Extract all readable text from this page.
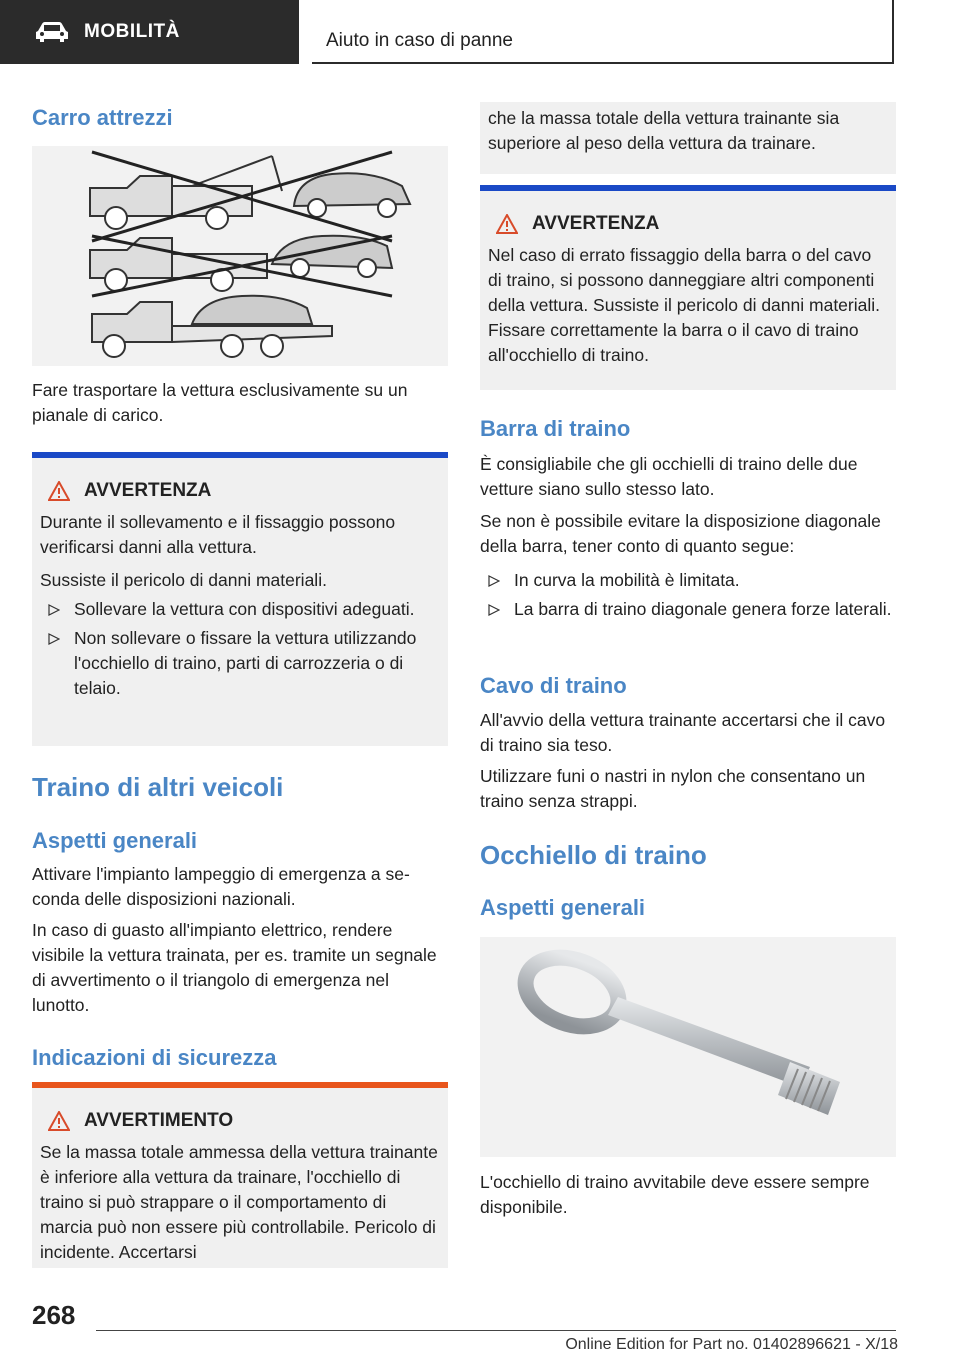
MOBILITÀ	Aiuto in caso di panne
Carro attrezzi

Fare trasportare la vettura esclusivamente su un pianale di carico.

AVVERTENZA

Durante il sollevamento e il fissaggio possono verificarsi danni alla vettura.

Sussiste il pericolo di danni materiali.

Sollevare la vettura con dispositivi adeguati.
Non sollevare o fissare la vettura utilizzando l'occhiello di traino, parti di carrozzeria o di telaio.
Traino di altri veicoli
Aspetti generali

Attivare l'impianto lampeggio di emergenza a seconda delle disposizioni nazionali.

In caso di guasto all'impianto elettrico, rendere visibile la vettura trainata, per es. tramite un segnale di avvertimento o il triangolo di emergenza nel lunotto.

Indicazioni di sicurezza
AVVERTIMENTO

Se la massa totale ammessa della vettura trainante è inferiore alla vettura da trainare, l'occhiello di traino si può strappare o il comportamento di marcia può non essere più controllabile. Pericolo di incidente. Accertarsi

che la massa totale della vettura trainante sia superiore al peso della vettura da trainare.

AVVERTENZA

Nel caso di errato fissaggio della barra o del cavo di traino, si possono danneggiare altri componenti della vettura. Sussiste il pericolo di danni materiali. Fissare correttamente la barra o il cavo di traino all'occhiello di traino.

Barra di traino

È consigliabile che gli occhielli di traino delle due vetture siano sullo stesso lato.

Se non è possibile evitare la disposizione diagonale della barra, tener conto di quanto segue:

In curva la mobilità è limitata.
La barra di traino diagonale genera forze laterali.
Cavo di traino

All'avvio della vettura trainante accertarsi che il cavo di traino sia teso.

Utilizzare funi o nastri in nylon che consentano un traino senza strappi.

Occhiello di traino
Aspetti generali

L'occhiello di traino avvitabile deve essere sempre disponibile.

268
Online Edition for Part no. 01402896621 - X/18
